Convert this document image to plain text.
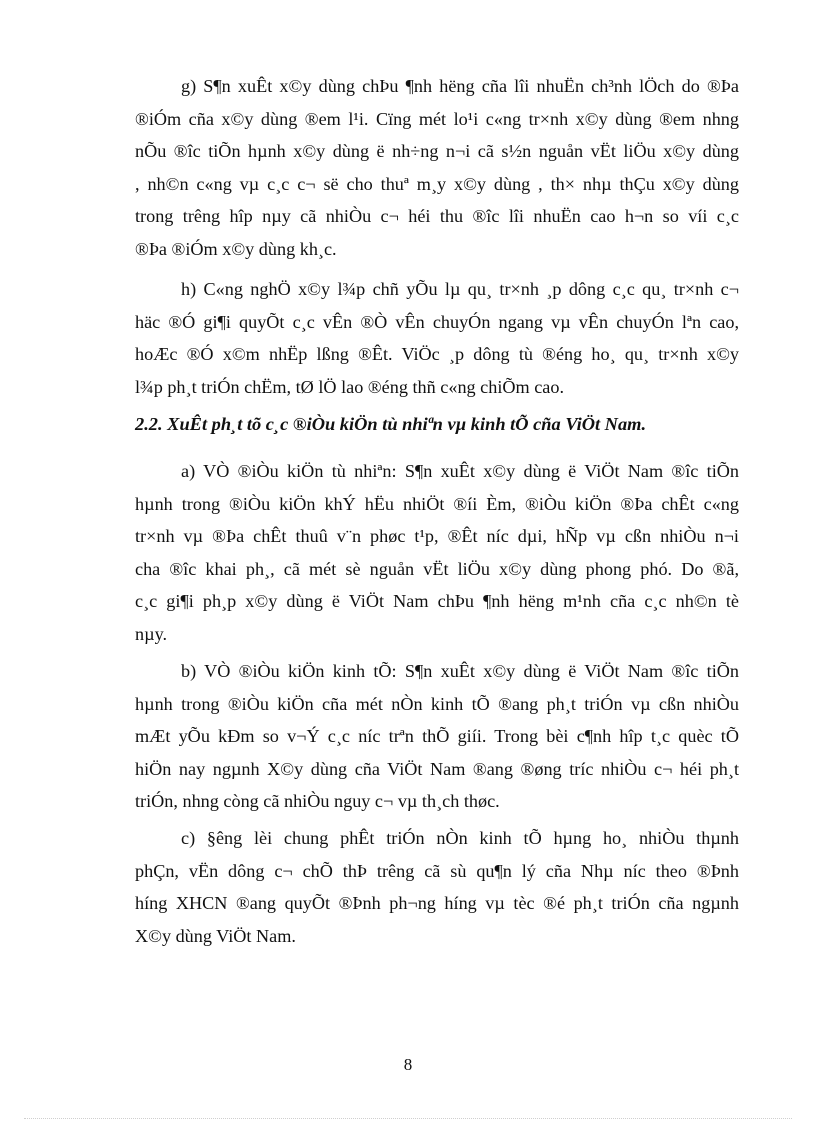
g) S¶n xuÊt x©y dùng chÞu ¶nh hëng cña lîi nhuËn ch³nh lÖch do ®Þa
®iÓm cña x©y dùng ®em l¹i. Cïng mét lo¹i c«ng tr×nh x©y dùng ®em nhng
nÕu ®îc tiÕn hµnh x©y dùng ë nh÷ng n¬i cã s½n nguån vËt liÖu x©y dùng
, nh©n c«ng vµ c¸c c¬ së cho thuª m¸y x©y dùng , th× nhµ thÇu x©y dùng
trong trêng hîp nµy cã nhiÒu c¬ héi thu ®îc lîi nhuËn cao h¬n so víi c¸c
®Þa ®iÓm x©y dùng kh¸c.
h) C«ng nghÖ x©y l¾p chñ yÕu lµ qu¸ tr×nh ¸p dông c¸c qu¸ tr×nh c¬
häc ®Ó gi¶i quyÕt c¸c vÊn ®Ò vÊn chuyÓn ngang vµ vÊn chuyÓn lªn cao,
hoÆc ®Ó x©m nhËp lßng ®Êt. ViÖc ¸p dông tù ®éng ho¸ qu¸ tr×nh x©y
l¾p ph¸t triÓn chËm, tØ lÖ lao ®éng thñ c«ng chiÕm cao.
2.2. XuÊt ph¸t tõ c¸c ®iÒu kiÖn tù nhiªn vµ kinh tÕ cña ViÖt Nam.
a) VÒ ®iÒu kiÖn tù nhiªn: S¶n xuÊt x©y dùng ë ViÖt Nam ®îc tiÕn
hµnh trong ®iÒu kiÖn khÝ hËu nhiÖt ®íi Èm, ®iÒu kiÖn ®Þa chÊt c«ng
tr×nh vµ ®Þa chÊt thuû v¨n phøc t¹p, ®Êt níc dµi, hÑp vµ cßn nhiÒu n¬i
cha ®îc khai ph¸, cã mét sè nguån vËt liÖu x©y dùng phong phó. Do ®ã,
c¸c gi¶i ph¸p x©y dùng ë ViÖt Nam chÞu ¶nh hëng m¹nh cña c¸c nh©n tè
nµy.
b) VÒ ®iÒu kiÖn kinh tÕ: S¶n xuÊt x©y dùng ë ViÖt Nam ®îc tiÕn
hµnh trong ®iÒu kiÖn cña mét nÒn kinh tÕ ®ang ph¸t triÓn vµ cßn nhiÒu
mÆt yÕu kÐm so v¬Ý c¸c níc trªn thÕ giíi. Trong bèi c¶nh hîp t¸c quèc tÕ
hiÖn nay ngµnh X©y dùng cña ViÖt Nam ®ang ®øng tríc nhiÒu c¬ héi ph¸t
triÓn, nhng còng cã nhiÒu nguy c¬ vµ th¸ch thøc.
c) §êng lèi chung phÊt triÓn nÒn kinh tÕ hµng ho¸ nhiÒu thµnh
phÇn, vËn dông c¬ chÕ thÞ trêng cã sù qu¶n lý cña Nhµ níc theo ®Þnh
híng XHCN ®ang quyÕt ®Þnh ph¬ng híng vµ tèc ®é ph¸t triÓn cña ngµnh
X©y dùng ViÖt Nam.
8
